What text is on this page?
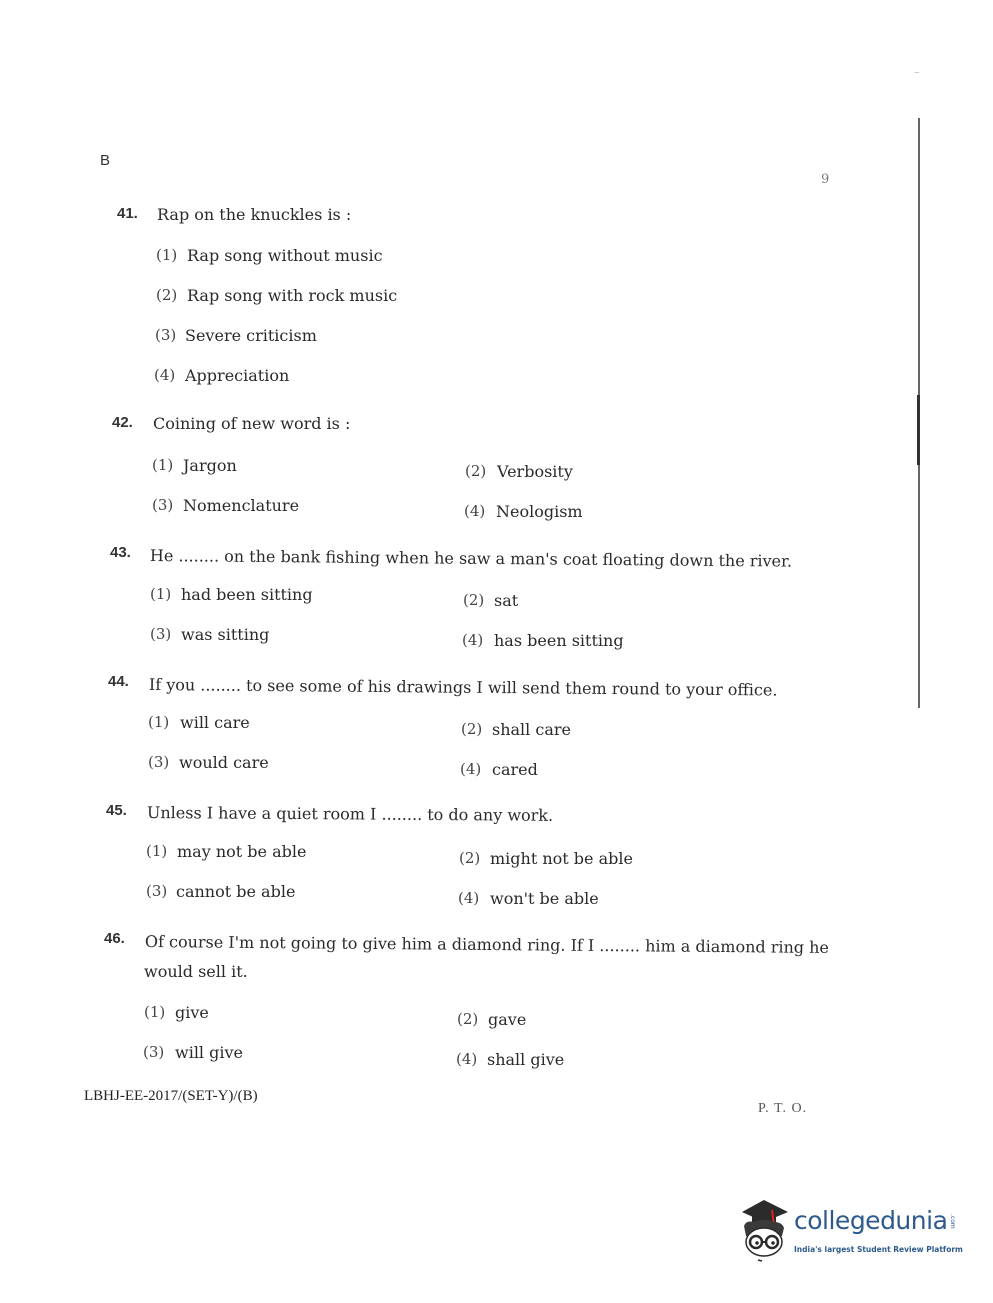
B
9
⁻
41. Rap on the knuckles is :
(1) Rap song without music
(2) Rap song with rock music
(3) Severe criticism
(4) Appreciation
42. Coining of new word is :
(1) Jargon	(2) Verbosity
(3) Nomenclature	(4) Neologism
43. He ........ on the bank fishing when he saw a man's coat floating down the river.
(1) had been sitting	(2) sat
(3) was sitting	(4) has been sitting
44. If you ........ to see some of his drawings I will send them round to your office.
(1) will care	(2) shall care
(3) would care	(4) cared
45. Unless I have a quiet room I ........ to do any work.
(1) may not be able	(2) might not be able
(3) cannot be able	(4) won't be able
46. Of course I'm not going to give him a diamond ring. If I ........ him a diamond ring he
would sell it.
(1) give	(2) gave
(3) will give	(4) shall give
LBHJ-EE-2017/(SET-Y)/(B)
P. T. O.
collegedunia .com
India's largest Student Review Platform
